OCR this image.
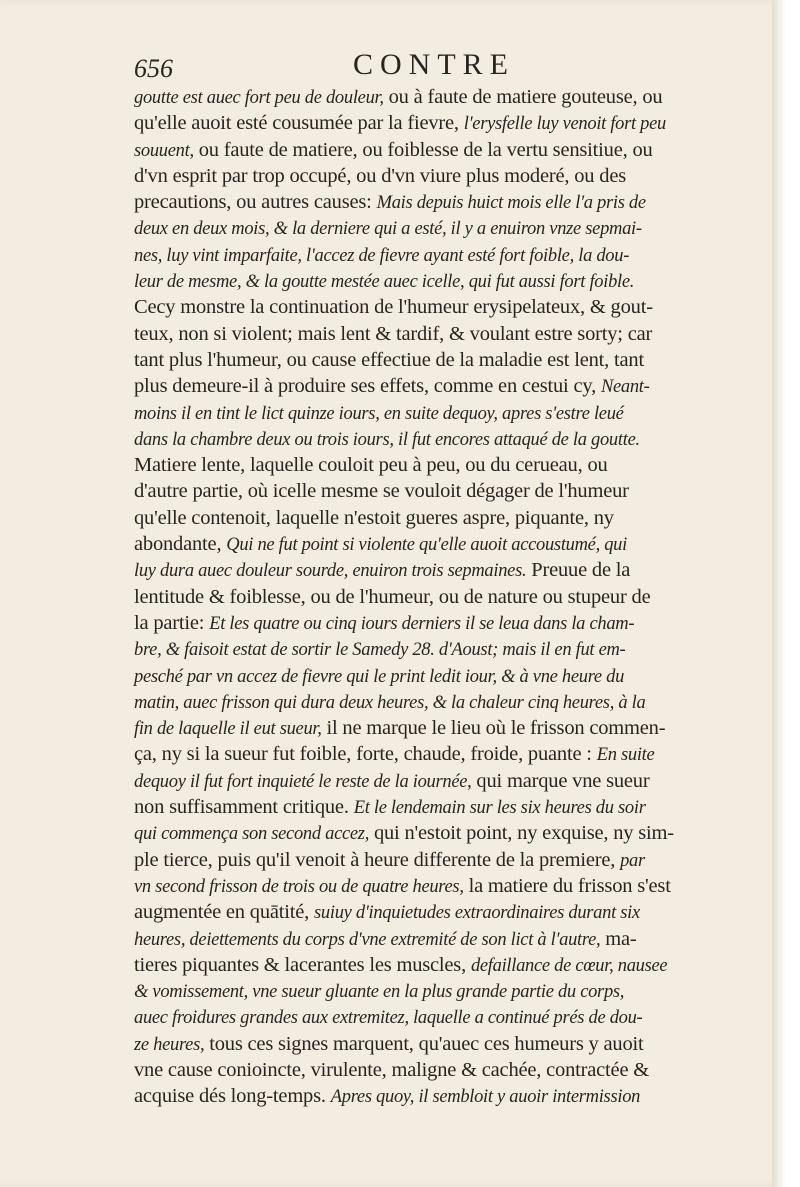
656	CONTRE
goutte est auec fort peu de douleur, ou à faute de matiere gouteuse, ou
qu'elle auoit esté cousumée par la fievre, l'erysfelle luy venoit fort peu
souuent, ou faute de matiere, ou foiblesse de la vertu sensitiue, ou
d'vn esprit par trop occupé, ou d'vn viure plus moderé, ou des
precautions, ou autres causes: Mais depuis huict mois elle l'a pris de
deux en deux mois, & la derniere qui a esté, il y a enuiron vnze sepmai-
nes, luy vint imparfaite, l'accez de fievre ayant esté fort foible, la dou-
leur de mesme, & la goutte mestée auec icelle, qui fut aussi fort foible.
Cecy monstre la continuation de l'humeur erysipelateux, & gout-
teux, non si violent; mais lent & tardif, & voulant estre sorty; car
tant plus l'humeur, ou cause effectiue de la maladie est lent, tant
plus demeure-il à produire ses effets, comme en cestui cy, Neant-
moins il en tint le lict quinze iours, en suite dequoy, apres s'estre leué
dans la chambre deux ou trois iours, il fut encores attaqué de la goutte.
Matiere lente, laquelle couloit peu à peu, ou du cerueau, ou
d'autre partie, où icelle mesme se vouloit dégager de l'humeur
qu'elle contenoit, laquelle n'estoit gueres aspre, piquante, ny
abondante, Qui ne fut point si violente qu'elle auoit accoustumé, qui
luy dura auec douleur sourde, enuiron trois sepmaines. Preuue de la
lentitude & foiblesse, ou de l'humeur, ou de nature ou stupeur de
la partie: Et les quatre ou cinq iours derniers il se leua dans la cham-
bre, & faisoit estat de sortir le Samedy 28. d'Aoust; mais il en fut em-
pesché par vn accez de fievre qui le print ledit iour, & à vne heure du
matin, auec frisson qui dura deux heures, & la chaleur cinq heures, à la
fin de laquelle il eut sueur, il ne marque le lieu où le frisson commen-
ça, ny si la sueur fut foible, forte, chaude, froide, puante : En suite
dequoy il fut fort inquieté le reste de la iournée, qui marque vne sueur
non suffisamment critique. Et le lendemain sur les six heures du soir
qui commença son second accez, qui n'estoit point, ny exquise, ny sim-
ple tierce, puis qu'il venoit à heure differente de la premiere, par
vn second frisson de trois ou de quatre heures, la matiere du frisson s'est
augmentée en quātité, suiuy d'inquietudes extraordinaires durant six
heures, deiettements du corps d'vne extremité de son lict à l'autre, ma-
tieres piquantes & lacerantes les muscles, defaillance de cœur, nausee
& vomissement, vne sueur gluante en la plus grande partie du corps,
auec froidures grandes aux extremitez, laquelle a continué prés de dou-
ze heures, tous ces signes marquent, qu'auec ces humeurs y auoit
vne cause conioincte, virulente, maligne & cachée, contractée &
acquise dés long-temps. Apres quoy, il sembloit y auoir intermission
